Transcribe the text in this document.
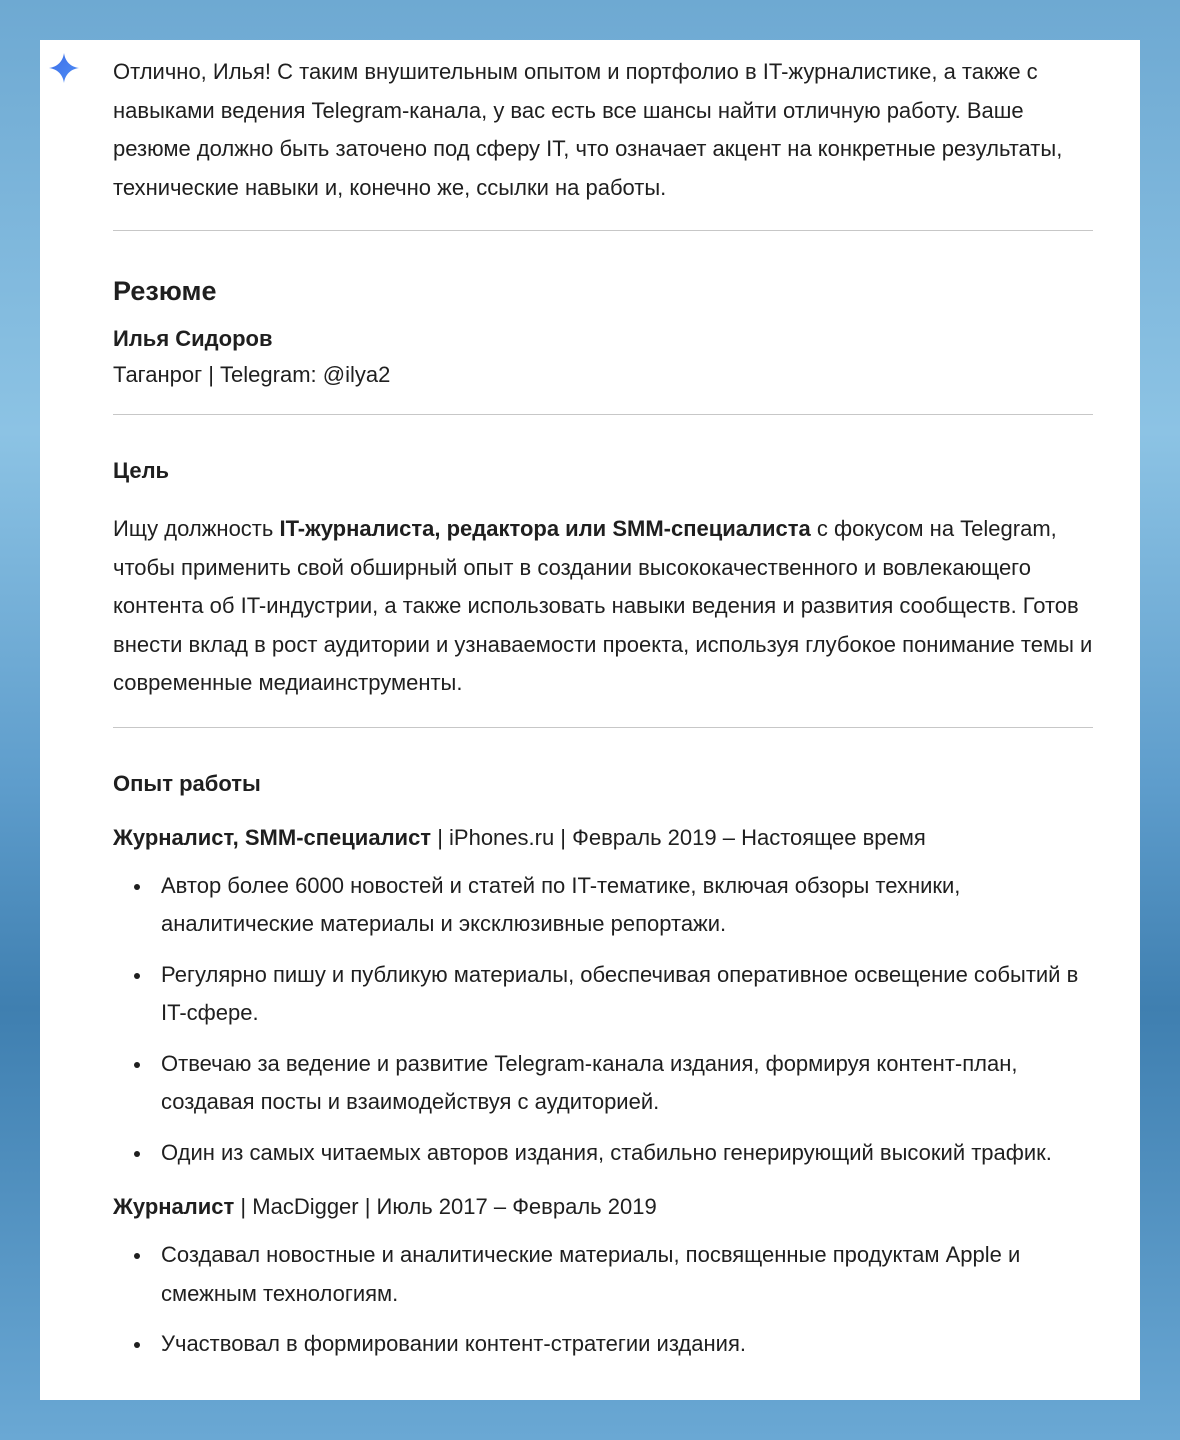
Отлично, Илья! С таким внушительным опытом и портфолио в IT-журналистике, а также с навыками ведения Telegram-канала, у вас есть все шансы найти отличную работу. Ваше резюме должно быть заточено под сферу IT, что означает акцент на конкретные результаты, технические навыки и, конечно же, ссылки на работы.

Резюме

Илья Сидоров

Таганрог | Telegram: @ilya2

Цель

Ищу должность IT-журналиста, редактора или SMM-специалиста с фокусом на Telegram, чтобы применить свой обширный опыт в создании высококачественного и вовлекающего контента об IT-индустрии, а также использовать навыки ведения и развития сообществ. Готов внести вклад в рост аудитории и узнаваемости проекта, используя глубокое понимание темы и современные медиаинструменты.

Опыт работы

Журналист, SMM-специалист | iPhones.ru | Февраль 2019 – Настоящее время

Автор более 6000 новостей и статей по IT-тематике, включая обзоры техники, аналитические материалы и эксклюзивные репортажи.
Регулярно пишу и публикую материалы, обеспечивая оперативное освещение событий в IT-сфере.
Отвечаю за ведение и развитие Telegram-канала издания, формируя контент-план, создавая посты и взаимодействуя с аудиторией.
Один из самых читаемых авторов издания, стабильно генерирующий высокий трафик.

Журналист | MacDigger | Июль 2017 – Февраль 2019

Создавал новостные и аналитические материалы, посвященные продуктам Apple и смежным технологиям.
Участвовал в формировании контент-стратегии издания.
